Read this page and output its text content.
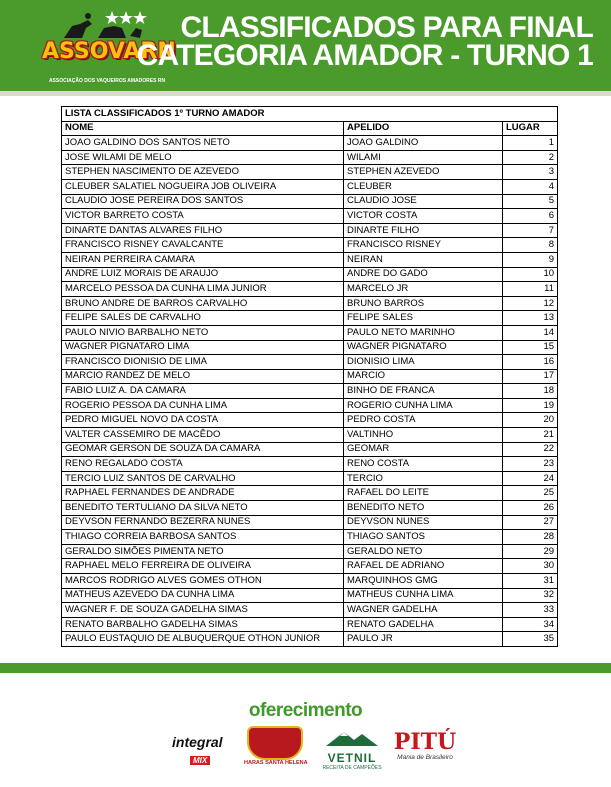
ASSOVARN
ASSOCIAÇÃO DOS VAQUEIROS AMADORES RN
CLASSIFICADOS PARA FINAL
CATEGORIA AMADOR - TURNO 1
LISTA CLASSIFICADOS 1º TURNO AMADOR		
NOME	APELIDO	LUGAR
JOAO GALDINO DOS SANTOS NETO	JOAO GALDINO	1
JOSE WILAMI DE MELO	WILAMI	2
STEPHEN NASCIMENTO DE AZEVEDO	STEPHEN AZEVEDO	3
CLEUBER SALATIEL NOGUEIRA JOB OLIVEIRA	CLEUBER	4
CLAUDIO JOSE PEREIRA DOS SANTOS	CLAUDIO JOSE	5
VICTOR BARRETO COSTA	VICTOR COSTA	6
DINARTE DANTAS ALVARES FILHO	DINARTE FILHO	7
FRANCISCO RISNEY CAVALCANTE	FRANCISCO RISNEY	8
NEIRAN PERREIRA CAMARA	NEIRAN	9
ANDRE LUIZ MORAIS DE ARAUJO	ANDRE DO GADO	10
MARCELO PESSOA DA CUNHA LIMA JUNIOR	MARCELO JR	11
BRUNO ANDRE DE BARROS CARVALHO	BRUNO BARROS	12
FELIPE SALES DE CARVALHO	FELIPE SALES	13
PAULO NIVIO BARBALHO NETO	PAULO NETO MARINHO	14
WAGNER PIGNATARO LIMA	WAGNER PIGNATARO	15
FRANCISCO DIONISIO DE LIMA	DIONISIO LIMA	16
MARCIO RANDEZ DE MELO	MARCIO	17
FABIO LUIZ A. DA CAMARA	BINHO DE FRANCA	18
ROGERIO PESSOA DA CUNHA LIMA	ROGERIO CUNHA LIMA	19
PEDRO MIGUEL NOVO DA COSTA	PEDRO COSTA	20
VALTER CASSEMIRO DE MACÊDO	VALTINHO	21
GEOMAR GERSON DE SOUZA DA CAMARA	GEOMAR	22
RENO REGALADO COSTA	RENO COSTA	23
TERCIO LUIZ SANTOS DE CARVALHO	TERCIO	24
RAPHAEL FERNANDES DE ANDRADE	RAFAEL DO LEITE	25
BENEDITO TERTULIANO DA SILVA NETO	BENEDITO NETO	26
DEYVSON FERNANDO BEZERRA NUNES	DEYVSON NUNES	27
THIAGO CORREIA BARBOSA SANTOS	THIAGO SANTOS	28
GERALDO SIMÕES PIMENTA NETO	GERALDO NETO	29
RAPHAEL MELO FERREIRA DE OLIVEIRA	RAFAEL DE ADRIANO	30
MARCOS RODRIGO ALVES GOMES OTHON	MARQUINHOS GMG	31
MATHEUS AZEVEDO DA CUNHA LIMA	MATHEUS CUNHA LIMA	32
WAGNER F. DE SOUZA GADELHA SIMAS	WAGNER GADELHA	33
RENATO BARBALHO GADELHA SIMAS	RENATO GADELHA	34
PAULO EUSTAQUIO DE ALBUQUERQUE OTHON JUNIOR	PAULO JR	35
oferecimento
integral
MIX	HARAS SANTA HELENA	VETNIL
RECEITA DE CAMPEÕES
PITÚ
Mania de Brasileiro
